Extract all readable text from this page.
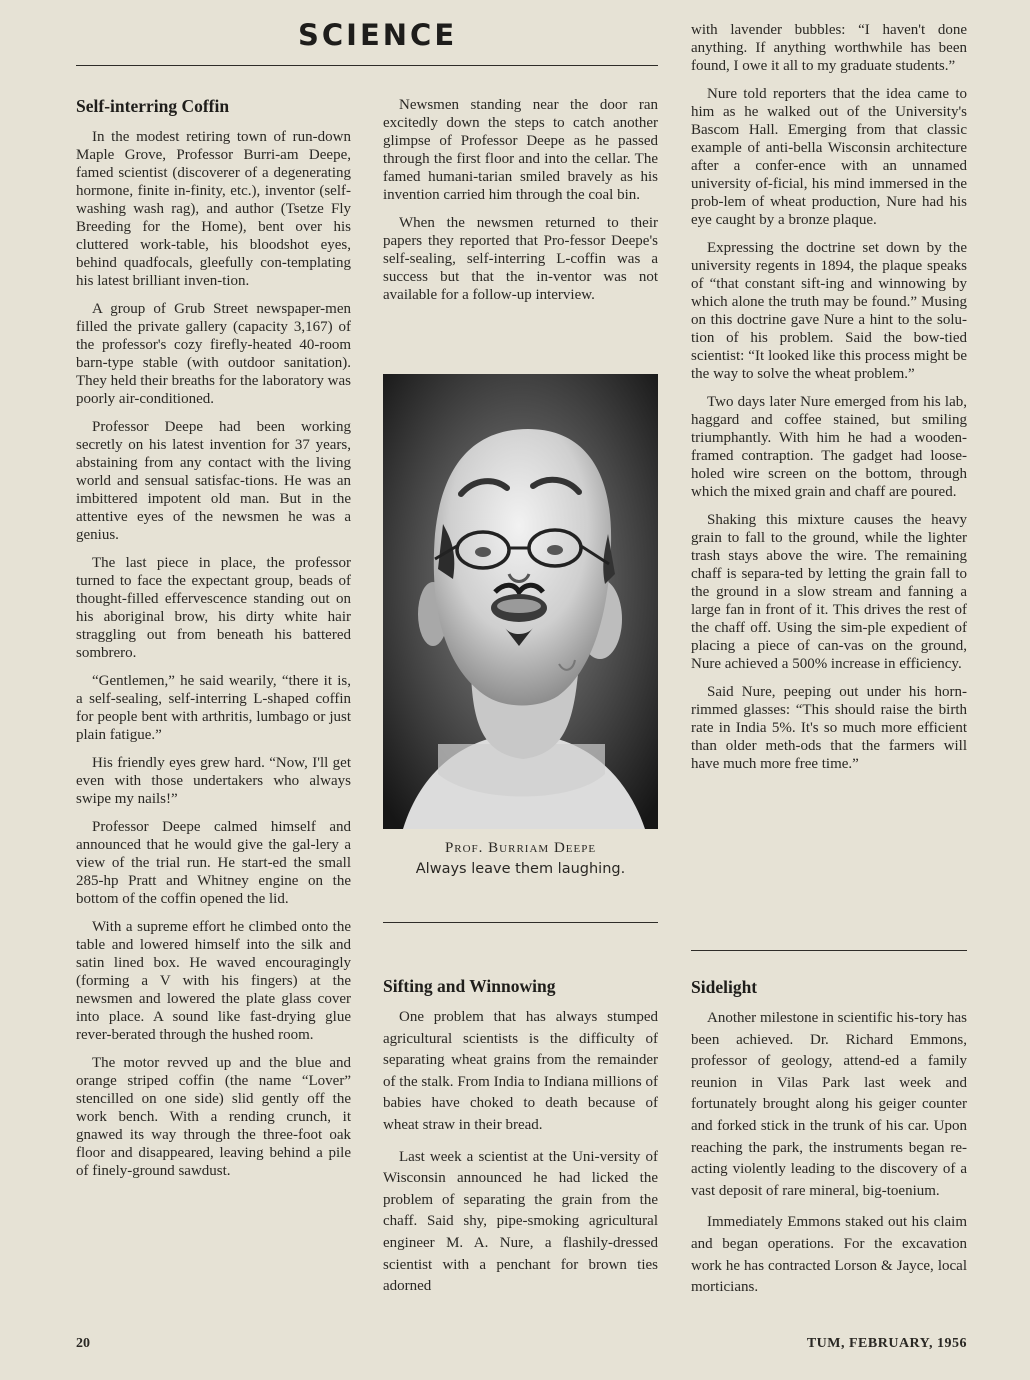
SCIENCE
Self-interring Coffin

In the modest retiring town of run-down Maple Grove, Professor Burri-am Deepe, famed scientist (discoverer of a degenerating hormone, finite in-finity, etc.), inventor (self-washing wash rag), and author (Tsetze Fly Breeding for the Home), bent over his cluttered work-table, his bloodshot eyes, behind quadfocals, gleefully con-templating his latest brilliant inven-tion.

A group of Grub Street newspaper-men filled the private gallery (capacity 3,167) of the professor's cozy firefly-heated 40-room barn-type stable (with outdoor sanitation). They held their breaths for the laboratory was poorly air-conditioned.

Professor Deepe had been working secretly on his latest invention for 37 years, abstaining from any contact with the living world and sensual satisfac-tions. He was an imbittered impotent old man. But in the attentive eyes of the newsmen he was a genius.

The last piece in place, the professor turned to face the expectant group, beads of thought-filled effervescence standing out on his aboriginal brow, his dirty white hair straggling out from beneath his battered sombrero.

“Gentlemen,” he said wearily, “there it is, a self-sealing, self-interring L-shaped coffin for people bent with arthritis, lumbago or just plain fatigue.”

His friendly eyes grew hard. “Now, I'll get even with those undertakers who always swipe my nails!”

Professor Deepe calmed himself and announced that he would give the gal-lery a view of the trial run. He start-ed the small 285-hp Pratt and Whitney engine on the bottom of the coffin opened the lid.

With a supreme effort he climbed onto the table and lowered himself into the silk and satin lined box. He waved encouragingly (forming a V with his fingers) at the newsmen and lowered the plate glass cover into place. A sound like fast-drying glue rever-berated through the hushed room.

The motor revved up and the blue and orange striped coffin (the name “Lover” stencilled on one side) slid gently off the work bench. With a rending crunch, it gnawed its way through the three-foot oak floor and disappeared, leaving behind a pile of finely-ground sawdust.

Newsmen standing near the door ran excitedly down the steps to catch another glimpse of Professor Deepe as he passed through the first floor and into the cellar. The famed humani-tarian smiled bravely as his invention carried him through the coal bin.

When the newsmen returned to their papers they reported that Pro-fessor Deepe's self-sealing, self-interring L-coffin was a success but that the in-ventor was not available for a follow-up interview.

Prof. Burriam Deepe
Always leave them laughing.
Sifting and Winnowing

One problem that has always stumped agricultural scientists is the difficulty of separating wheat grains from the remainder of the stalk. From India to Indiana millions of babies have choked to death because of wheat straw in their bread.

Last week a scientist at the Uni-versity of Wisconsin announced he had licked the problem of separating the grain from the chaff. Said shy, pipe-smoking agricultural engineer M. A. Nure, a flashily-dressed scientist with a penchant for brown ties adorned

with lavender bubbles: “I haven't done anything. If anything worthwhile has been found, I owe it all to my graduate students.”

Nure told reporters that the idea came to him as he walked out of the University's Bascom Hall. Emerging from that classic example of anti-bella Wisconsin architecture after a confer-ence with an unnamed university of-ficial, his mind immersed in the prob-lem of wheat production, Nure had his eye caught by a bronze plaque.

Expressing the doctrine set down by the university regents in 1894, the plaque speaks of “that constant sift-ing and winnowing by which alone the truth may be found.” Musing on this doctrine gave Nure a hint to the solu-tion of his problem. Said the bow-tied scientist: “It looked like this process might be the way to solve the wheat problem.”

Two days later Nure emerged from his lab, haggard and coffee stained, but smiling triumphantly. With him he had a wooden-framed contraption. The gadget had loose-holed wire screen on the bottom, through which the mixed grain and chaff are poured.

Shaking this mixture causes the heavy grain to fall to the ground, while the lighter trash stays above the wire. The remaining chaff is separa-ted by letting the grain fall to the ground in a slow stream and fanning a large fan in front of it. This drives the rest of the chaff off. Using the sim-ple expedient of placing a piece of can-vas on the ground, Nure achieved a 500% increase in efficiency.

Said Nure, peeping out under his horn-rimmed glasses: “This should raise the birth rate in India 5%. It's so much more efficient than older meth-ods that the farmers will have much more free time.”

Sidelight

Another milestone in scientific his-tory has been achieved. Dr. Richard Emmons, professor of geology, attend-ed a family reunion in Vilas Park last week and fortunately brought along his geiger counter and forked stick in the trunk of his car. Upon reaching the park, the instruments began re-acting violently leading to the discovery of a vast deposit of rare mineral, big-toenium.

Immediately Emmons staked out his claim and began operations. For the excavation work he has contracted Lorson & Jayce, local morticians.

20	TUM, FEBRUARY, 1956
